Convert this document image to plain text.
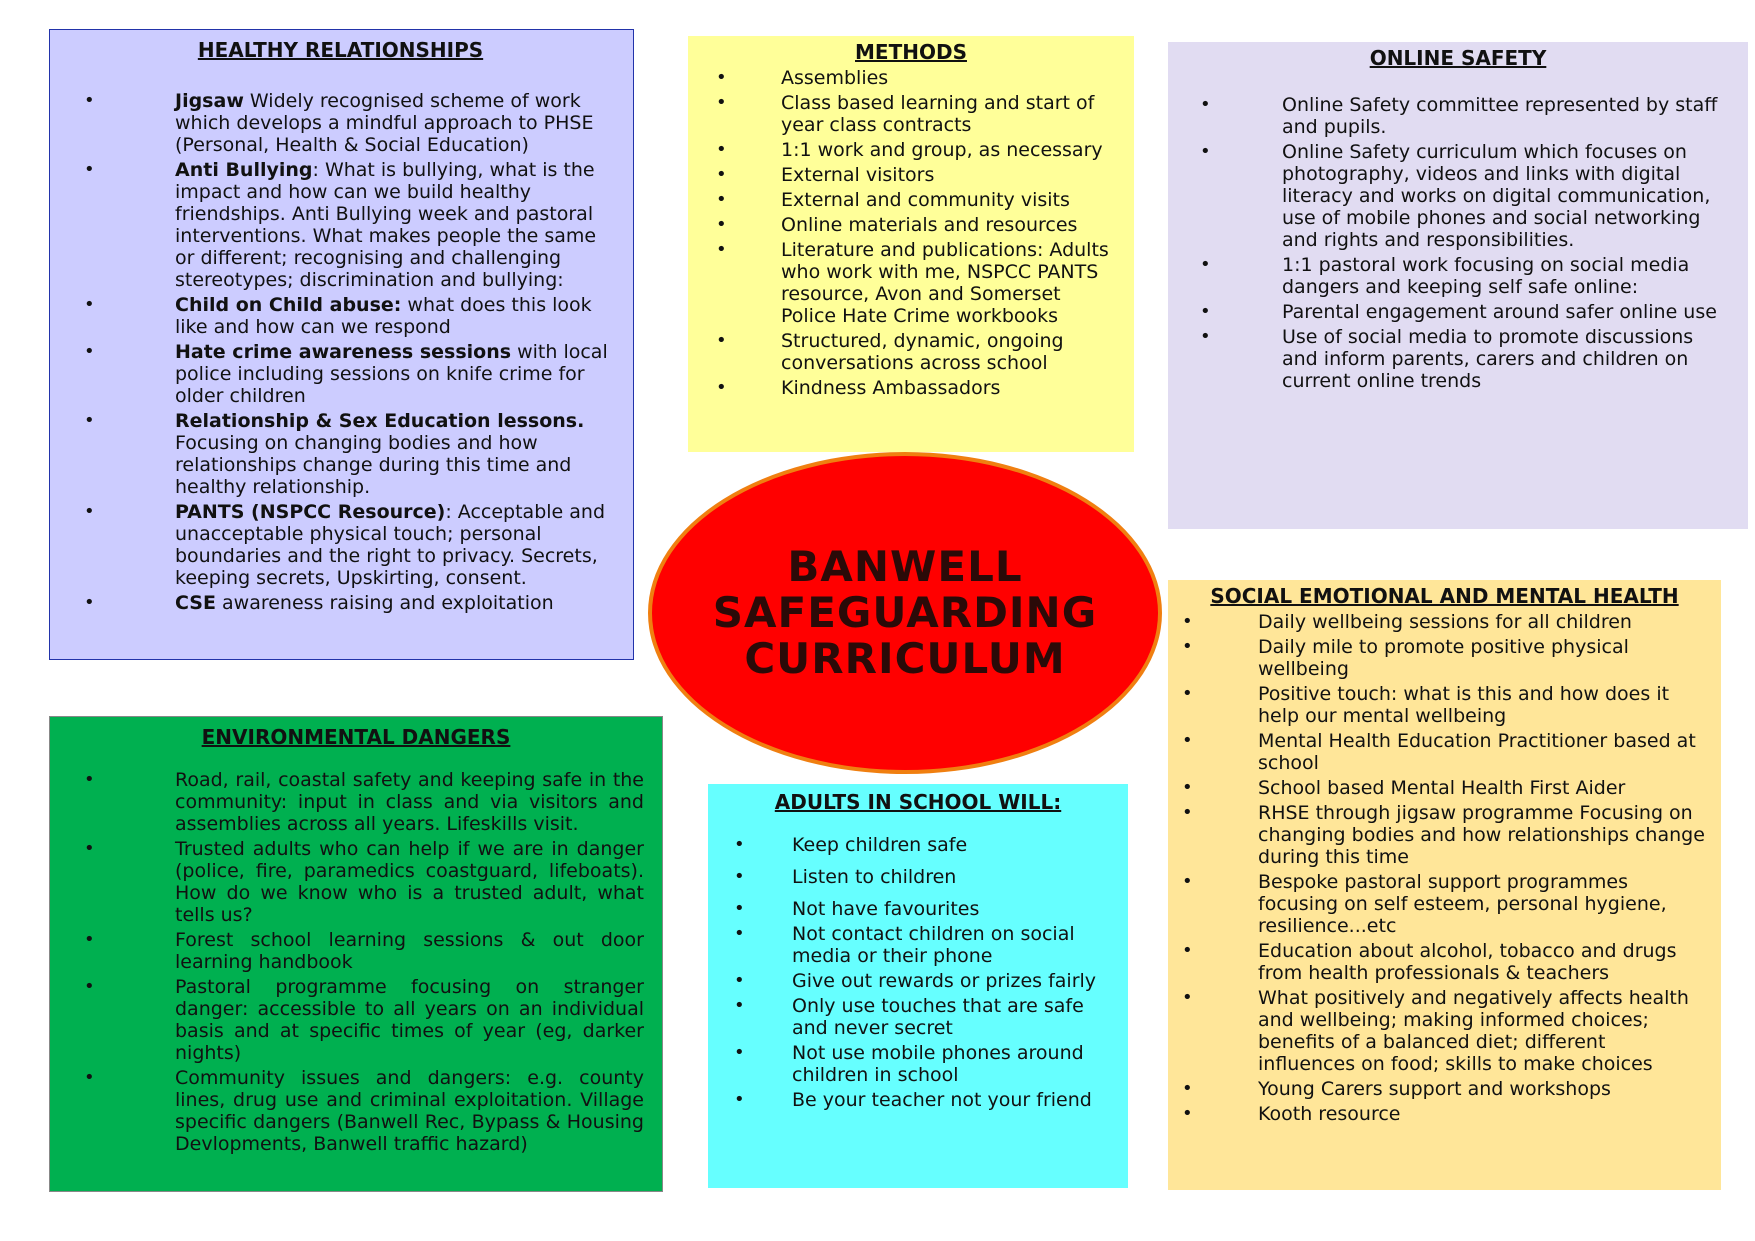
HEALTHY RELATIONSHIPS
•	Jigsaw Widely recognised scheme of work which develops a mindful approach to PHSE (Personal, Health & Social Education)
•	Anti Bullying: What is bullying, what is the impact and how can we build healthy friendships. Anti Bullying week and pastoral interventions. What makes people the same or different; recognising and challenging stereotypes; discrimination and bullying:
•	Child on Child abuse: what does this look like and how can we respond
•	Hate crime awareness sessions with local police including sessions on knife crime for older children
•	Relationship & Sex Education lessons. Focusing on changing bodies and how relationships change during this time and healthy relationship.
•	PANTS (NSPCC Resource): Acceptable and unacceptable physical touch; personal boundaries and the right to privacy. Secrets, keeping secrets, Upskirting, consent.
•	CSE awareness raising and exploitation
METHODS
•	Assemblies
•	Class based learning and start of year class contracts
•	1:1 work and group, as necessary
•	External visitors
•	External and community visits
•	Online materials and resources
•	Literature and publications: Adults who work with me, NSPCC PANTS resource, Avon and Somerset Police Hate Crime workbooks
•	Structured, dynamic, ongoing conversations across school
•	Kindness Ambassadors
ONLINE SAFETY
•	Online Safety committee represented by staff and pupils.
•	Online Safety curriculum which focuses on photography, videos and links with digital literacy and works on digital communication, use of mobile phones and social networking and rights and responsibilities.
•	1:1 pastoral work focusing on social media dangers and keeping self safe online:
•	Parental engagement around safer online use
•	Use of social media to promote discussions and inform parents, carers and children on current online trends
BANWELL
SAFEGUARDING
CURRICULUM
SOCIAL EMOTIONAL AND MENTAL HEALTH
•	Daily wellbeing sessions for all children
•	Daily mile to promote positive physical wellbeing
•	Positive touch: what is this and how does it help our mental wellbeing
•	Mental Health Education Practitioner based at school
•	School based Mental Health First Aider
•	RHSE through jigsaw programme Focusing on changing bodies and how relationships change during this time
•	Bespoke pastoral support programmes focusing on self esteem, personal hygiene, resilience...etc
•	Education about alcohol, tobacco and drugs from health professionals & teachers
•	What positively and negatively affects health and wellbeing; making informed choices; benefits of a balanced diet; different influences on food; skills to make choices
•	Young Carers support and workshops
•	Kooth resource
ENVIRONMENTAL DANGERS
•	Road, rail, coastal safety and keeping safe in the community: input in class and via visitors and assemblies across all years. Lifeskills visit.
•	Trusted adults who can help if we are in danger (police, fire, paramedics coastguard, lifeboats). How do we know who is a trusted adult, what tells us?
•	Forest school learning sessions & out door learning handbook
•	Pastoral programme focusing on stranger danger: accessible to all years on an individual basis and at specific times of year (eg, darker nights)
•	Community issues and dangers: e.g. county lines, drug use and criminal exploitation. Village specific dangers (Banwell Rec, Bypass & Housing Devlopments, Banwell traffic hazard)
ADULTS IN SCHOOL WILL:
• Keep children safe
• Listen to children
• Not have favourites
• Not contact children on social media or their phone
• Give out rewards or prizes fairly
• Only use touches that are safe and never secret
• Not use mobile phones around children in school
• Be your teacher not your friend
